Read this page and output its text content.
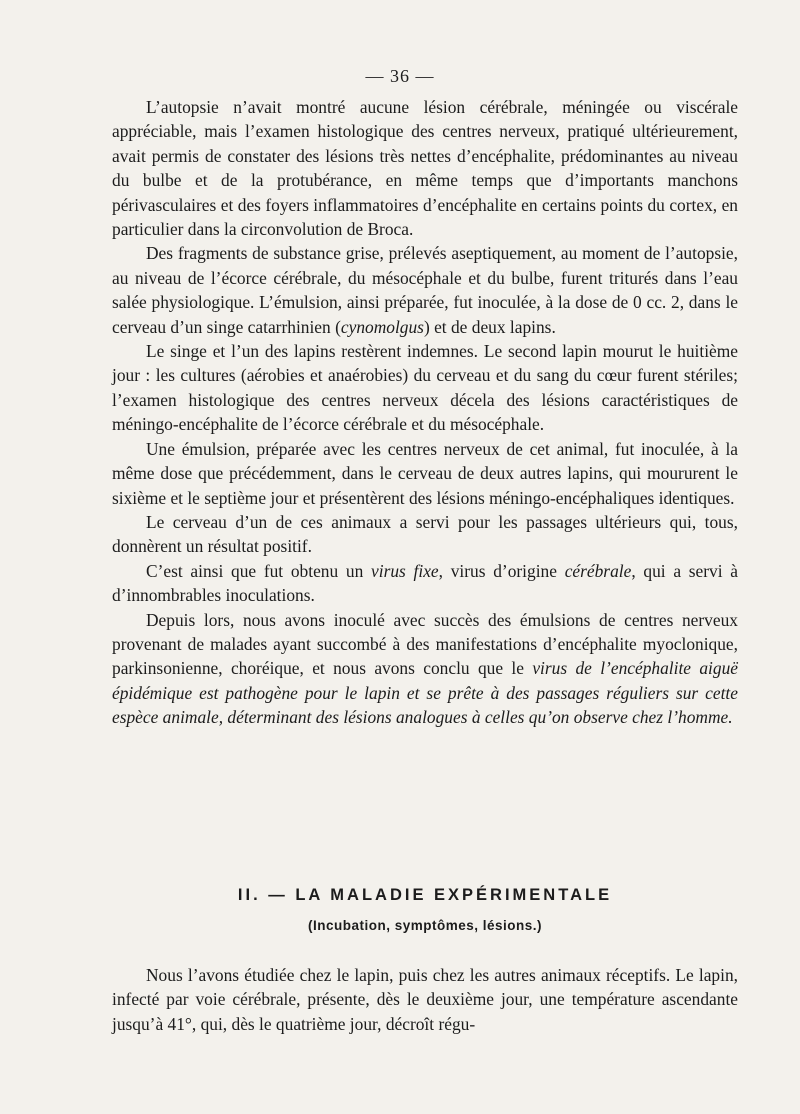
— 36 —

L’autopsie n’avait montré aucune lésion cérébrale, méningée ou viscérale appréciable, mais l’examen histologique des centres nerveux, pratiqué ultérieurement, avait permis de constater des lésions très nettes d’encéphalite, prédominantes au niveau du bulbe et de la protubérance, en même temps que d’importants manchons périvasculaires et des foyers inflammatoires d’encéphalite en certains points du cortex, en particulier dans la circonvolution de Broca.

Des fragments de substance grise, prélevés aseptiquement, au moment de l’autopsie, au niveau de l’écorce cérébrale, du mésocéphale et du bulbe, furent triturés dans l’eau salée physiologique. L’émulsion, ainsi préparée, fut inoculée, à la dose de 0 cc. 2, dans le cerveau d’un singe catarrhinien (cynomolgus) et de deux lapins.

Le singe et l’un des lapins restèrent indemnes. Le second lapin mourut le huitième jour : les cultures (aérobies et anaérobies) du cerveau et du sang du cœur furent stériles; l’examen histologique des centres nerveux décela des lésions caractéristiques de méningo-encéphalite de l’écorce cérébrale et du mésocéphale.

Une émulsion, préparée avec les centres nerveux de cet animal, fut inoculée, à la même dose que précédemment, dans le cerveau de deux autres lapins, qui moururent le sixième et le septième jour et présentèrent des lésions méningo-encéphaliques identiques.

Le cerveau d’un de ces animaux a servi pour les passages ultérieurs qui, tous, donnèrent un résultat positif.

C’est ainsi que fut obtenu un virus fixe, virus d’origine cérébrale, qui a servi à d’innombrables inoculations.

Depuis lors, nous avons inoculé avec succès des émulsions de centres nerveux provenant de malades ayant succombé à des manifestations d’encéphalite myoclonique, parkinsonienne, choréique, et nous avons conclu que le virus de l’encéphalite aiguë épidémique est pathogène pour le lapin et se prête à des passages réguliers sur cette espèce animale, déterminant des lésions analogues à celles qu’on observe chez l’homme.

II. — LA MALADIE EXPÉRIMENTALE
(Incubation, symptômes, lésions.)

Nous l’avons étudiée chez le lapin, puis chez les autres animaux réceptifs. Le lapin, infecté par voie cérébrale, présente, dès le deuxième jour, une température ascendante jusqu’à 41°, qui, dès le quatrième jour, décroît régu-
